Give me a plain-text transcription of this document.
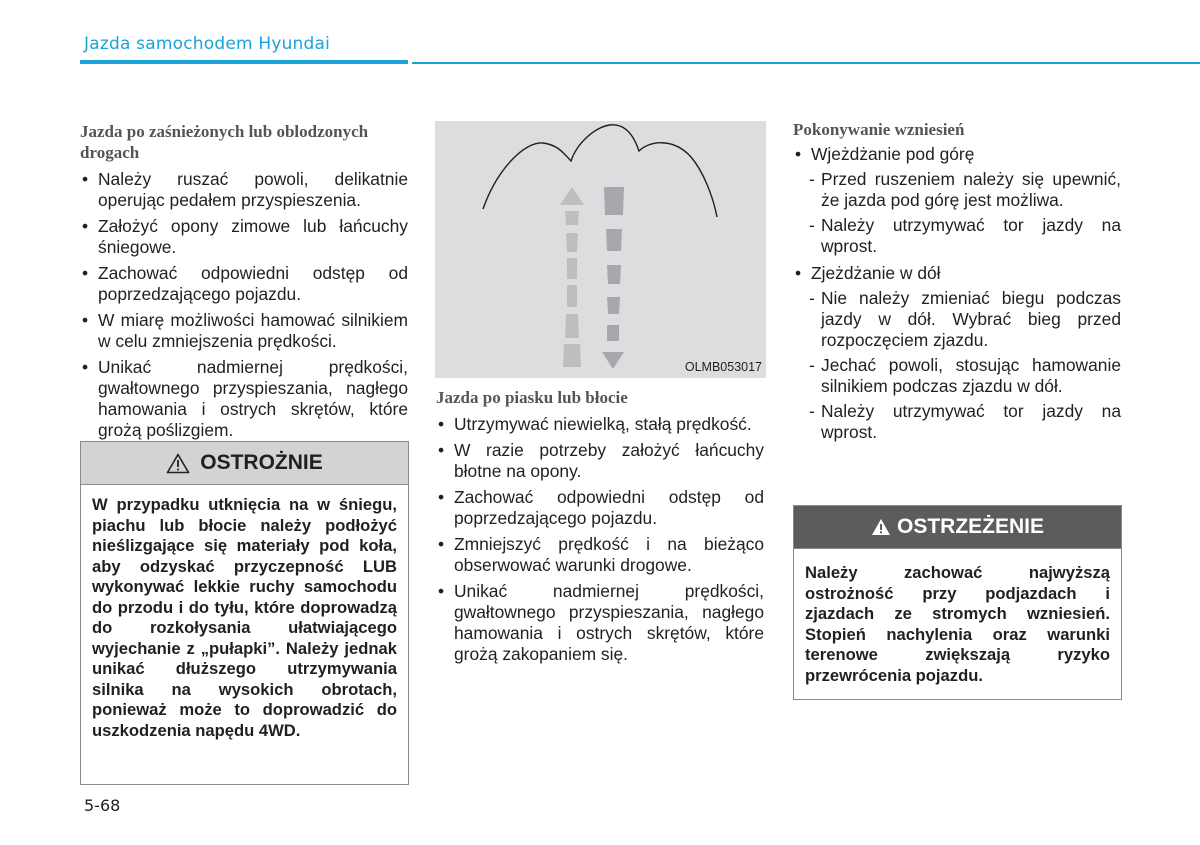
Jazda samochodem Hyundai
Jazda po zaśnieżonych lub oblodzonych drogach
• Należy ruszać powoli, delikatnie operując pedałem przyspieszenia.
• Założyć opony zimowe lub łańcuchy śniegowe.
• Zachować odpowiedni odstęp od poprzedzającego pojazdu.
• W miarę możliwości hamować silnikiem w celu zmniejszenia prędkości.
• Unikać nadmiernej prędkości, gwałtownego przyspieszania, nagłego hamowania i ostrych skrętów, które grożą poślizgiem.
OSTROŻNIE
W przypadku utknięcia na w śniegu, piachu lub błocie należy podłożyć nieślizgające się materiały pod koła, aby odzyskać przyczepność LUB wykonywać lekkie ruchy samochodu do przodu i do tyłu, które doprowadzą do rozkołysania ułatwiającego wyjechanie z „pułapki”. Należy jednak unikać dłuższego utrzymywania silnika na wysokich obrotach, ponieważ może to doprowadzić do uszkodzenia napędu 4WD.
OLMB053017
Jazda po piasku lub błocie
• Utrzymywać niewielką, stałą prędkość.
• W razie potrzeby założyć łańcuchy błotne na opony.
• Zachować odpowiedni odstęp od poprzedzającego pojazdu.
• Zmniejszyć prędkość i na bieżąco obserwować warunki drogowe.
• Unikać nadmiernej prędkości, gwałtownego przyspieszania, nagłego hamowania i ostrych skrętów, które grożą zakopaniem się.
Pokonywanie wzniesień
• Wjeżdżanie pod górę
- Przed ruszeniem należy się upewnić, że jazda pod górę jest możliwa.
- Należy utrzymywać tor jazdy na wprost.
• Zjeżdżanie w dół
- Nie należy zmieniać biegu podczas jazdy w dół. Wybrać bieg przed rozpoczęciem zjazdu.
- Jechać powoli, stosując hamowanie silnikiem podczas zjazdu w dół.
- Należy utrzymywać tor jazdy na wprost.
OSTRZEŻENIE
Należy zachować najwyższą ostrożność przy podjazdach i zjazdach ze stromych wzniesień. Stopień nachylenia oraz warunki terenowe zwiększają ryzyko przewrócenia pojazdu.
5-68
